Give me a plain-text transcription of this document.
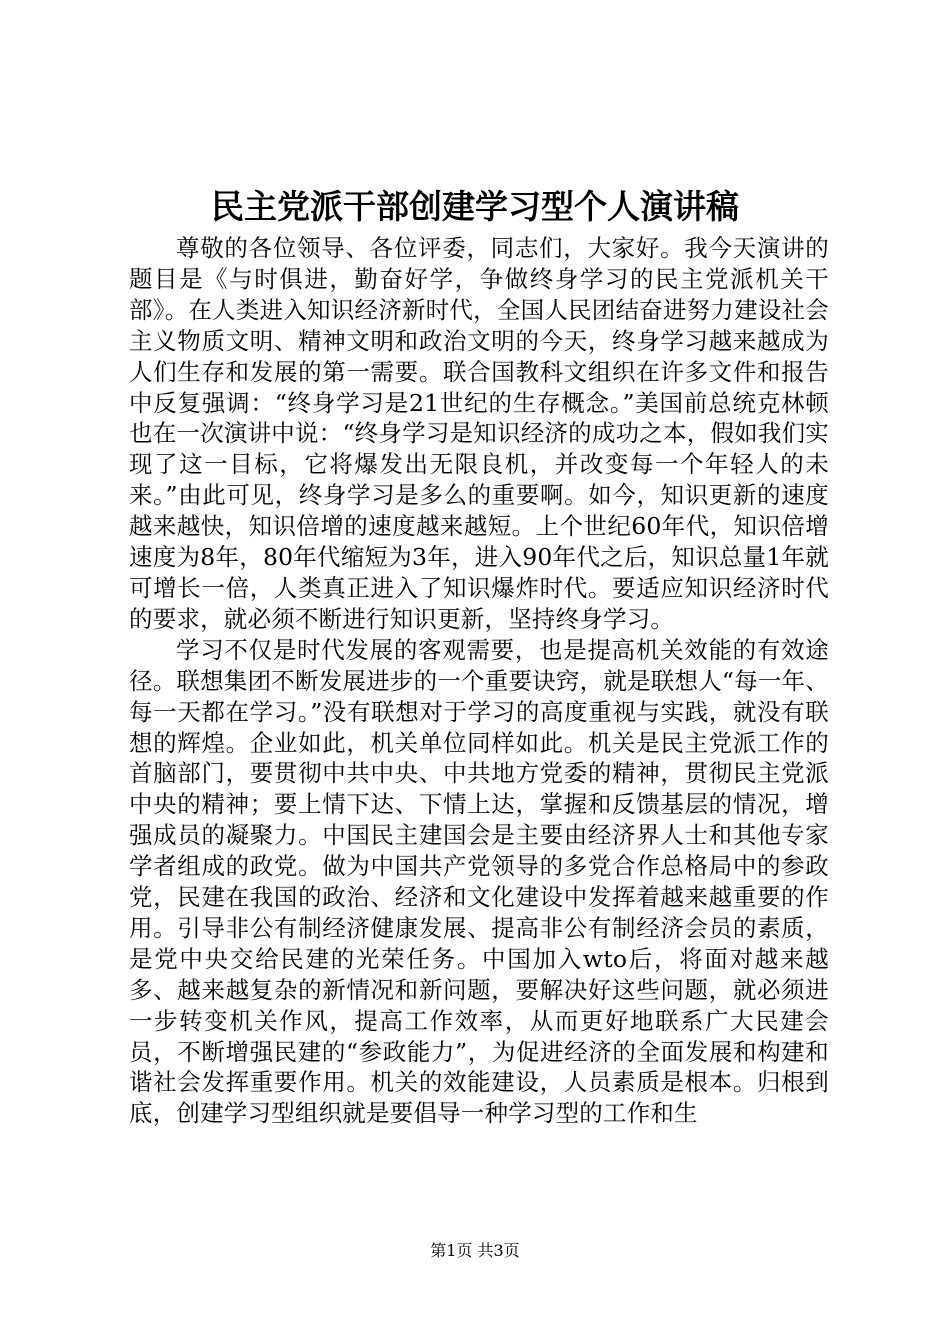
民主党派干部创建学习型个人演讲稿

尊敬的各位领导、各位评委，同志们，大家好。我今天演讲的题目是《与时俱进，勤奋好学，争做终身学习的民主党派机关干部》。在人类进入知识经济新时代，全国人民团结奋进努力建设社会主义物质文明、精神文明和政治文明的今天，终身学习越来越成为人们生存和发展的第一需要。联合国教科文组织在许多文件和报告中反复强调：“终身学习是21世纪的生存概念。”美国前总统克林顿也在一次演讲中说：“终身学习是知识经济的成功之本，假如我们实现了这一目标，它将爆发出无限良机，并改变每一个年轻人的未来。”由此可见，终身学习是多么的重要啊。如今，知识更新的速度越来越快，知识倍增的速度越来越短。上个世纪60年代，知识倍增速度为8年，80年代缩短为3年，进入90年代之后，知识总量1年就可增长一倍，人类真正进入了知识爆炸时代。要适应知识经济时代的要求，就必须不断进行知识更新，坚持终身学习。

学习不仅是时代发展的客观需要，也是提高机关效能的有效途径。联想集团不断发展进步的一个重要诀窍，就是联想人“每一年、每一天都在学习。”没有联想对于学习的高度重视与实践，就没有联想的辉煌。企业如此，机关单位同样如此。机关是民主党派工作的首脑部门，要贯彻中共中央、中共地方党委的精神，贯彻民主党派中央的精神；要上情下达、下情上达，掌握和反馈基层的情况，增强成员的凝聚力。中国民主建国会是主要由经济界人士和其他专家学者组成的政党。做为中国共产党领导的多党合作总格局中的参政党，民建在我国的政治、经济和文化建设中发挥着越来越重要的作用。引导非公有制经济健康发展、提高非公有制经济会员的素质，是党中央交给民建的光荣任务。中国加入wto后，将面对越来越多、越来越复杂的新情况和新问题，要解决好这些问题，就必须进一步转变机关作风，提高工作效率，从而更好地联系广大民建会员，不断增强民建的“参政能力”，为促进经济的全面发展和构建和谐社会发挥重要作用。机关的效能建设，人员素质是根本。归根到底，创建学习型组织就是要倡导一种学习型的工作和生

第1页 共3页
